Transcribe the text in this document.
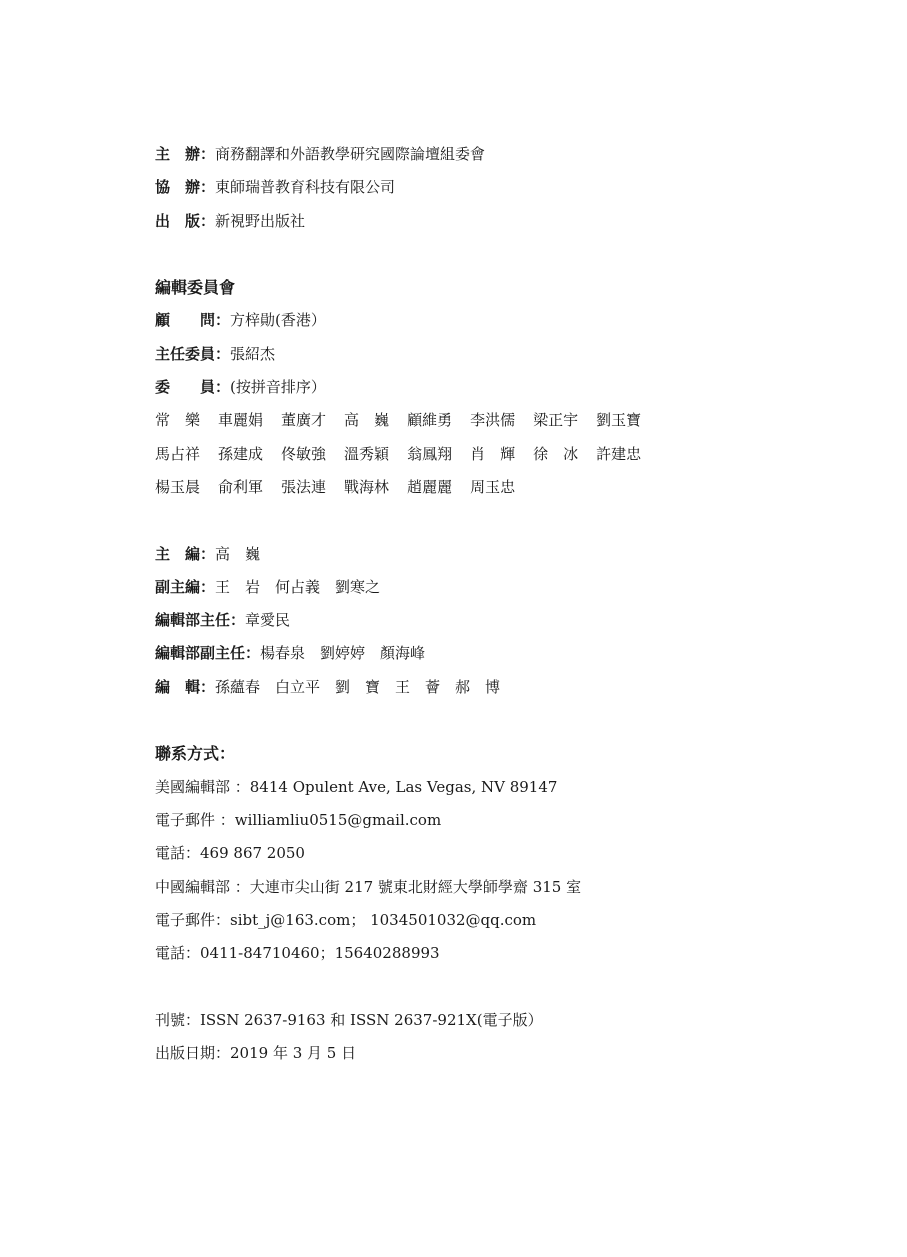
主　辦：商務翻譯和外語教學研究國際論壇組委會
協　辦：東師瑞普教育科技有限公司
出　版：新視野出版社
編輯委員會
顧　　問：方梓勛(香港）
主任委員：張紹杰
委　　員：(按拼音排序）
常　樂 車麗娟 董廣才 高　巍 顧維勇 李洪儒 梁正宇 劉玉寶
馬占祥 孫建成 佟敏強 溫秀穎 翁鳳翔 肖　輝 徐　冰 許建忠
楊玉晨 俞利軍 張法連 戰海林 趙麗麗 周玉忠
主　編：高　巍
副主編：王　岩　何占義　劉寒之
編輯部主任：章愛民
編輯部副主任：楊春泉　劉婷婷　顏海峰
編　輯：孫蘊春　白立平　劉　寶　王　薈　郝　博
聯系方式：
美國編輯部 ：8414 Opulent Ave, Las Vegas, NV 89147
電子郵件 ：williamliu0515@gmail.com
電話：469 867 2050
中國編輯部 ：大連市尖山街 217 號東北財經大學師學齋 315 室
電子郵件：sibt_j@163.com； 1034501032@qq.com
電話：0411-84710460；15640288993
刊號：ISSN 2637-9163 和 ISSN 2637-921X(電子版）
出版日期：2019 年 3 月 5 日
